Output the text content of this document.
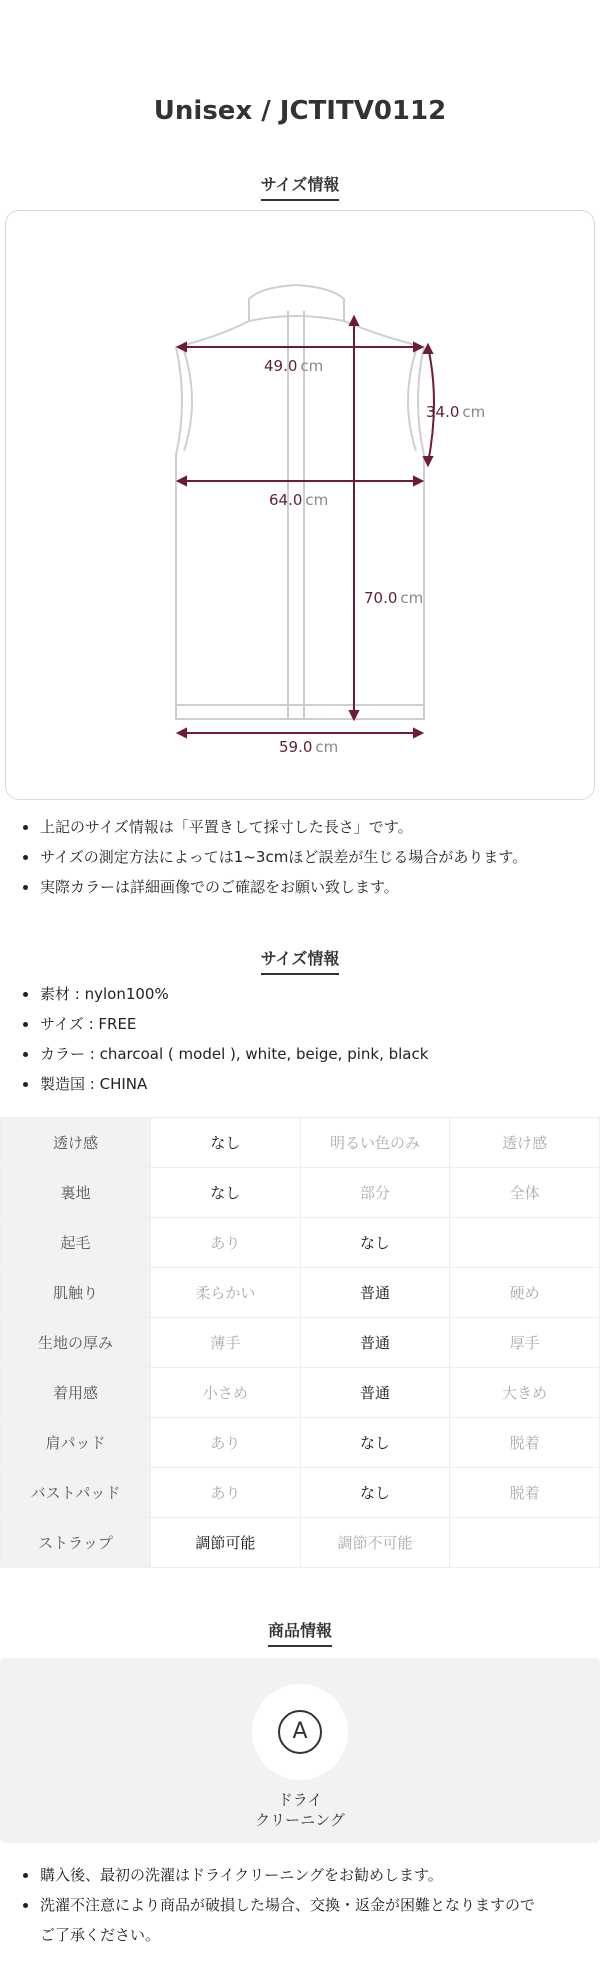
Unisex / JCTITV0112
サイズ情報
49.0 cm
34.0 cm
64.0 cm
70.0 cm
59.0 cm
上記のサイズ情報は「平置きして採寸した長さ」です。
サイズの測定方法によっては1~3cmほど誤差が生じる場合があります。
実際カラーは詳細画像でのご確認をお願い致します。
サイズ情報
素材 : nylon100%
サイズ : FREE
カラー : charcoal ( model ), white, beige, pink, black
製造国 : CHINA
透け感	なし	明るい色のみ	透け感
裏地	なし	部分	全体
起毛	あり	なし	
肌触り	柔らかい	普通	硬め
生地の厚み	薄手	普通	厚手
着用感	小さめ	普通	大きめ
肩パッド	あり	なし	脱着
バストパッド	あり	なし	脱着
ストラップ	調節可能	調節不可能	
商品情報
A
ドライ
クリーニング
購入後、最初の洗濯はドライクリーニングをお勧めします。
洗濯不注意により商品が破損した場合、交換・返金が困難となりますので
ご了承ください。
